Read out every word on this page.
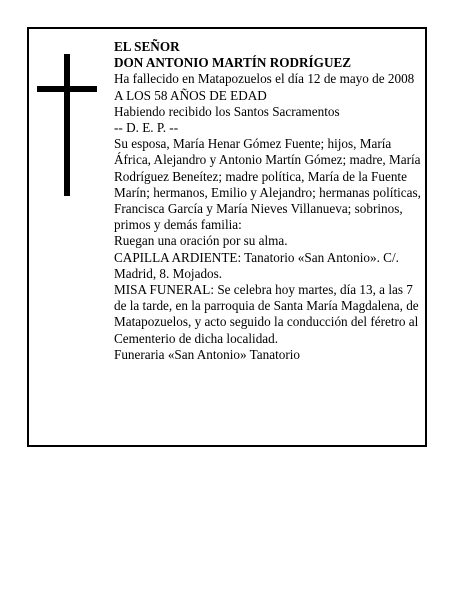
EL SEÑOR

DON ANTONIO MARTÍN RODRÍGUEZ

Ha fallecido en Matapozuelos el día 12 de mayo de 2008

A LOS 58 AÑOS DE EDAD

Habiendo recibido los Santos Sacramentos

-- D. E. P. --

Su esposa, María Henar Gómez Fuente; hijos, María África, Alejandro y Antonio Martín Gómez; madre, María Rodríguez Beneítez; madre política, María de la Fuente Marín; hermanos, Emilio y Alejandro; hermanas políticas, Francisca García y María Nieves Villanueva; sobrinos, primos y demás familia:

Ruegan una oración por su alma.

CAPILLA ARDIENTE: Tanatorio «San Antonio». C/. Madrid, 8. Mojados.

MISA FUNERAL: Se celebra hoy martes, día 13, a las 7 de la tarde, en la parroquia de Santa María Magdalena, de Matapozuelos, y acto seguido la conducción del féretro al Cementerio de dicha localidad.

Funeraria «San Antonio» Tanatorio
